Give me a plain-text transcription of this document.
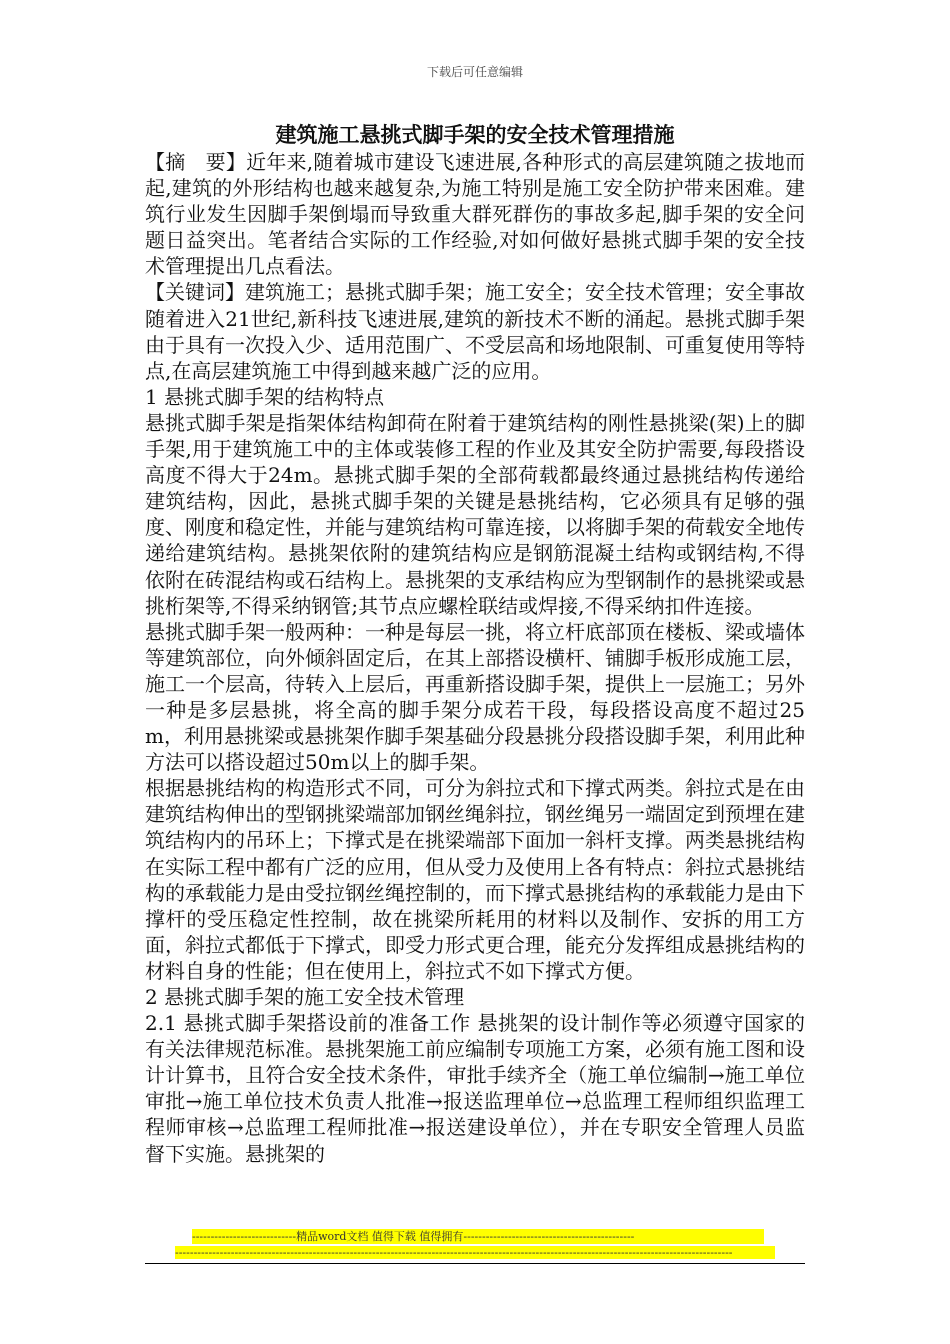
下载后可任意编辑
建筑施工悬挑式脚手架的安全技术管理措施

【摘　要】近年来,随着城市建设飞速进展,各种形式的高层建筑随之拔地而起,建筑的外形结构也越来越复杂,为施工特别是施工安全防护带来困难。建筑行业发生因脚手架倒塌而导致重大群死群伤的事故多起,脚手架的安全问题日益突出。笔者结合实际的工作经验,对如何做好悬挑式脚手架的安全技术管理提出几点看法。

【关键词】建筑施工；悬挑式脚手架；施工安全；安全技术管理；安全事故

随着进入21世纪,新科技飞速进展,建筑的新技术不断的涌起。悬挑式脚手架由于具有一次投入少、适用范围广、不受层高和场地限制、可重复使用等特点,在高层建筑施工中得到越来越广泛的应用。

1 悬挑式脚手架的结构特点

悬挑式脚手架是指架体结构卸荷在附着于建筑结构的刚性悬挑梁(架)上的脚手架,用于建筑施工中的主体或装修工程的作业及其安全防护需要,每段搭设高度不得大于24m。悬挑式脚手架的全部荷载都最终通过悬挑结构传递给建筑结构，因此，悬挑式脚手架的关键是悬挑结构，它必须具有足够的强度、刚度和稳定性，并能与建筑结构可靠连接，以将脚手架的荷载安全地传递给建筑结构。悬挑架依附的建筑结构应是钢筋混凝土结构或钢结构,不得依附在砖混结构或石结构上。悬挑架的支承结构应为型钢制作的悬挑梁或悬挑桁架等,不得采纳钢管;其节点应螺栓联结或焊接,不得采纳扣件连接。

悬挑式脚手架一般两种：一种是每层一挑，将立杆底部顶在楼板、梁或墙体等建筑部位，向外倾斜固定后，在其上部搭设横杆、铺脚手板形成施工层，施工一个层高，待转入上层后，再重新搭设脚手架，提供上一层施工；另外一种是多层悬挑，将全高的脚手架分成若干段，每段搭设高度不超过25m，利用悬挑梁或悬挑架作脚手架基础分段悬挑分段搭设脚手架，利用此种方法可以搭设超过50m以上的脚手架。

根据悬挑结构的构造形式不同，可分为斜拉式和下撑式两类。斜拉式是在由建筑结构伸出的型钢挑梁端部加钢丝绳斜拉，钢丝绳另一端固定到预埋在建筑结构内的吊环上；下撑式是在挑梁端部下面加一斜杆支撑。两类悬挑结构在实际工程中都有广泛的应用，但从受力及使用上各有特点：斜拉式悬挑结构的承载能力是由受拉钢丝绳控制的，而下撑式悬挑结构的承载能力是由下撑杆的受压稳定性控制，故在挑梁所耗用的材料以及制作、安拆的用工方面，斜拉式都低于下撑式，即受力形式更合理，能充分发挥组成悬挑结构的材料自身的性能；但在使用上，斜拉式不如下撑式方便。

2 悬挑式脚手架的施工安全技术管理

2.1 悬挑式脚手架搭设前的准备工作 悬挑架的设计制作等必须遵守国家的有关法律规范标准。悬挑架施工前应编制专项施工方案，必须有施工图和设计计算书，且符合安全技术条件，审批手续齐全（施工单位编制→施工单位审批→施工单位技术负责人批准→报送监理单位→总监理工程师组织监理工程师审核→总监理工程师批准→报送建设单位），并在专职安全管理人员监督下实施。悬挑架的

----------------------------精品word文档 值得下载 值得拥有----------------------------------------------
------------------------------------------------------------------------------------------------------------------------------------------------------
